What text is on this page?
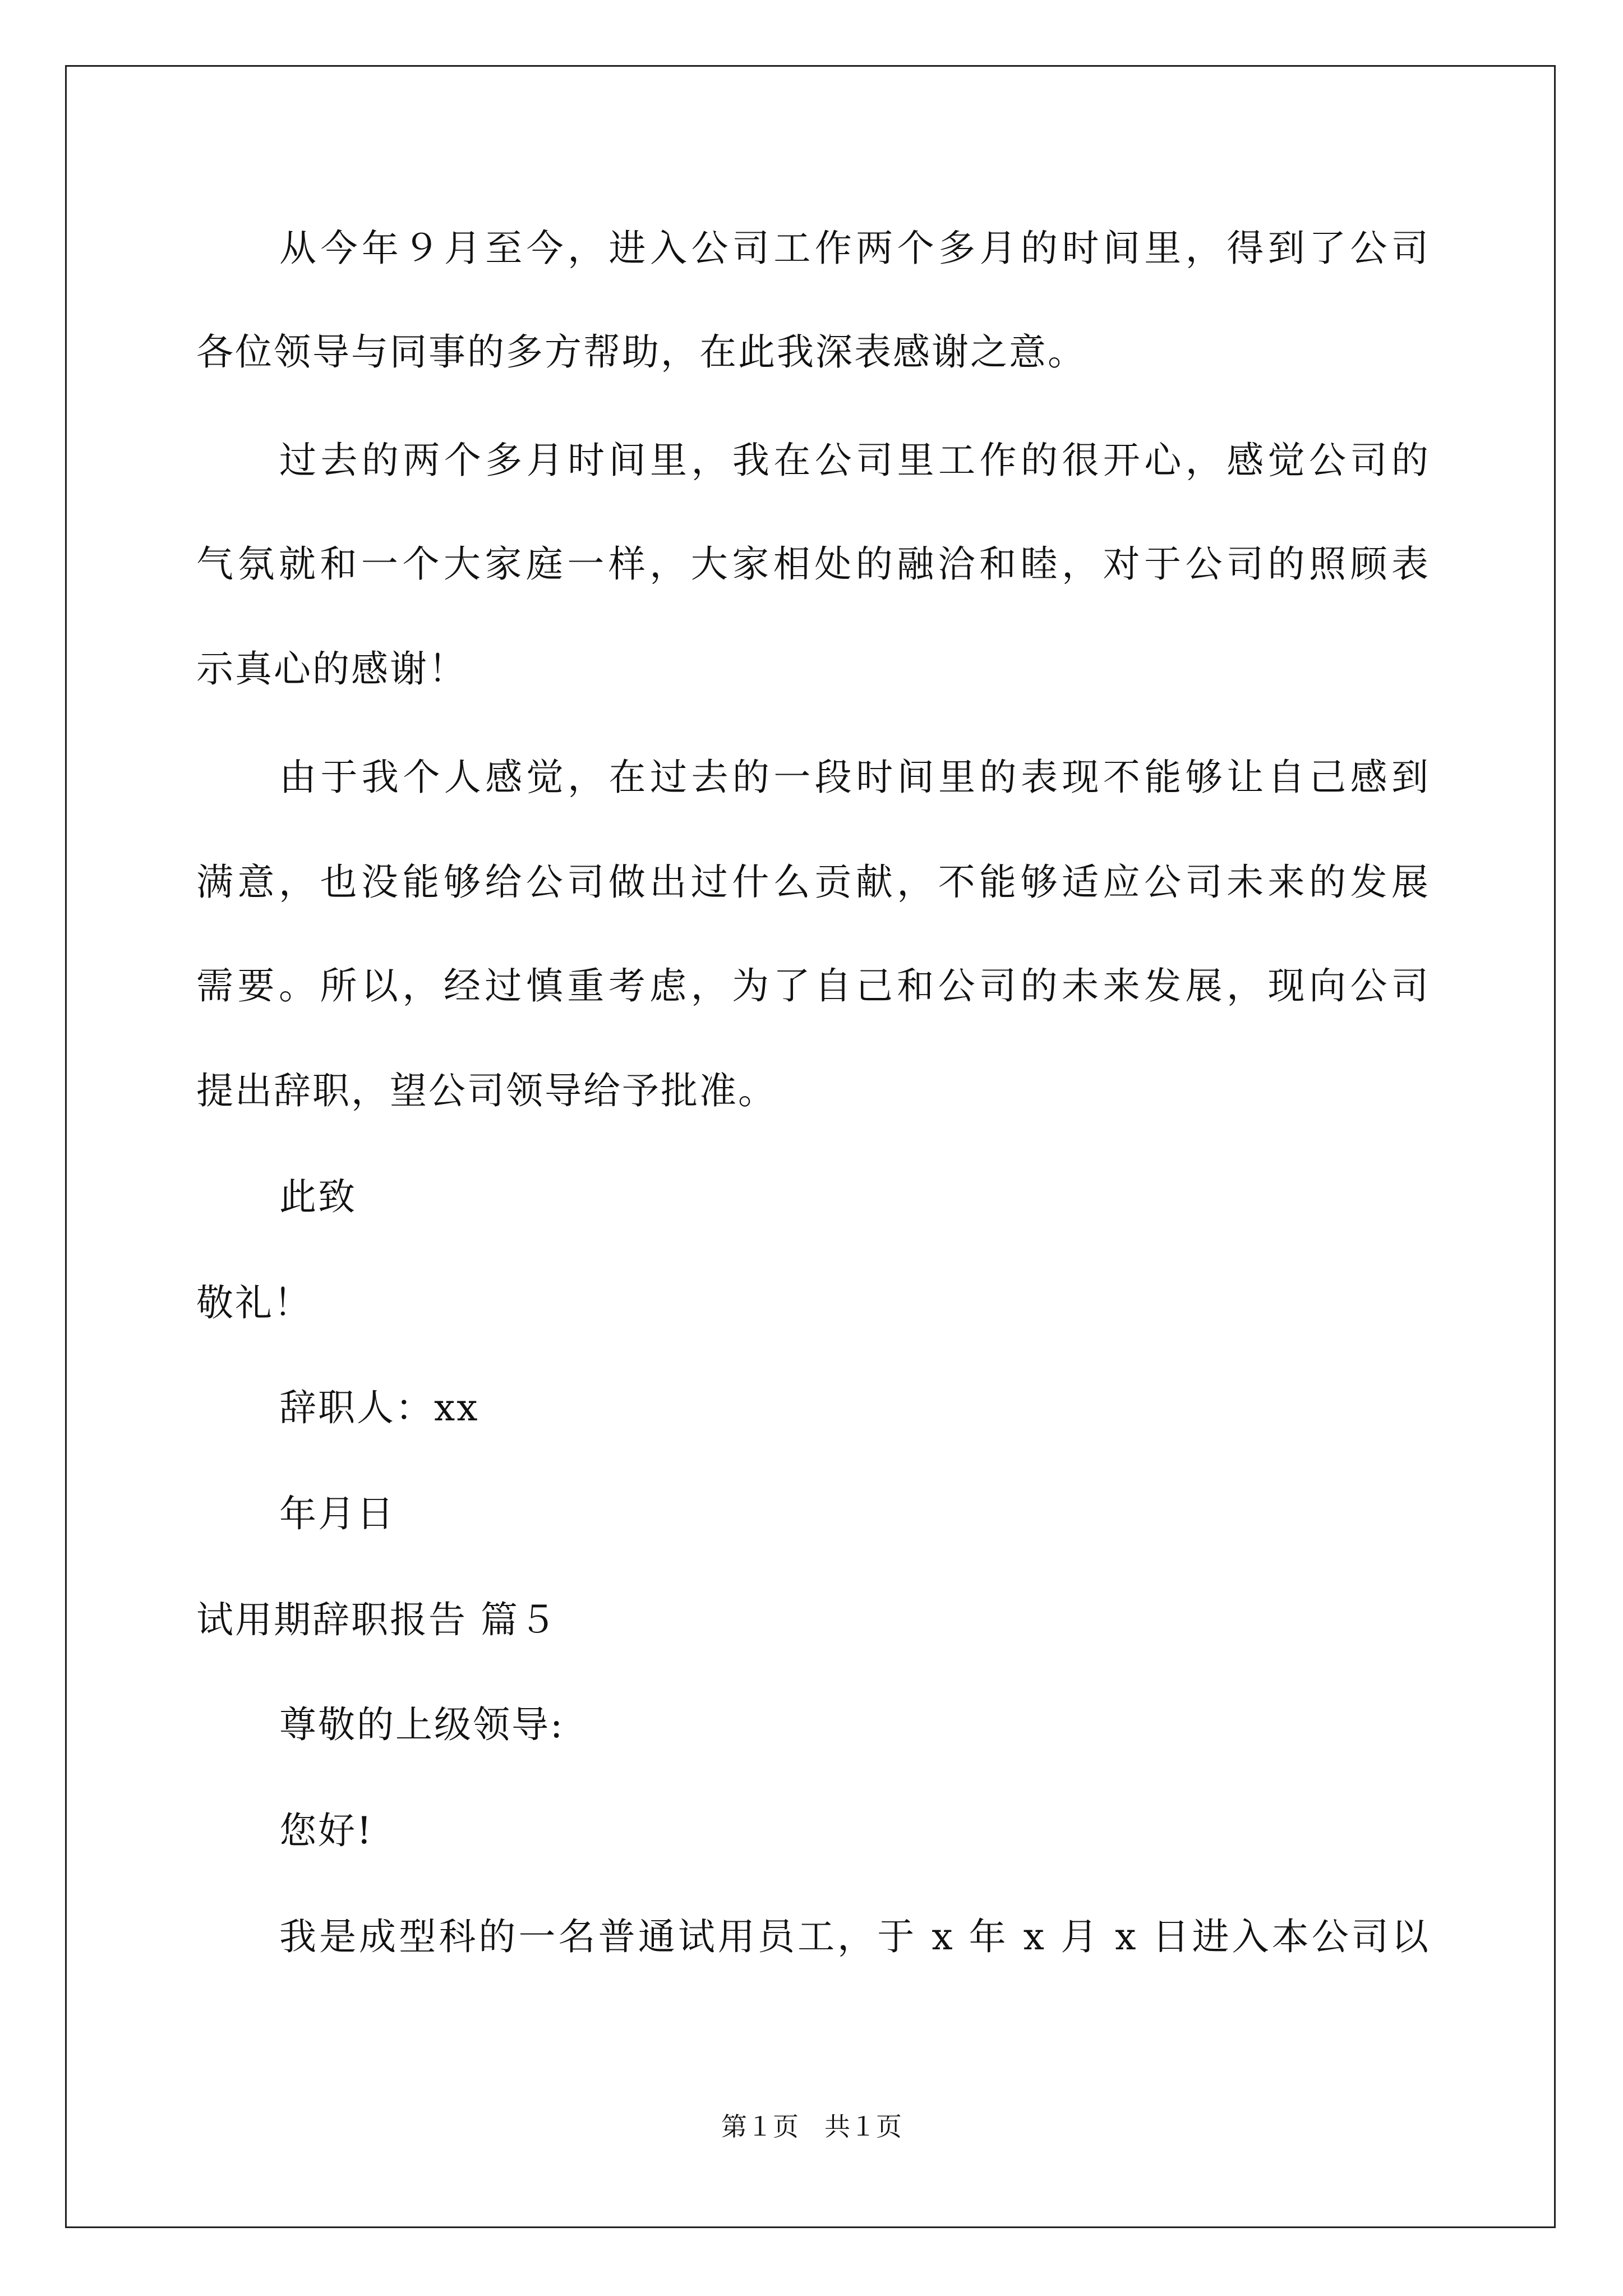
从今年９月至今，进入公司工作两个多月的时间里，得到了公司
各位领导与同事的多方帮助，在此我深表感谢之意。
过去的两个多月时间里，我在公司里工作的很开心，感觉公司的
气氛就和一个大家庭一样，大家相处的融洽和睦，对于公司的照顾表
示真心的感谢！
由于我个人感觉，在过去的一段时间里的表现不能够让自己感到
满意，也没能够给公司做出过什么贡献，不能够适应公司未来的发展
需要。所以，经过慎重考虑，为了自己和公司的未来发展，现向公司
提出辞职，望公司领导给予批准。
此致
敬礼！
辞职人：xx
年月日
试用期辞职报告 篇５
尊敬的上级领导:
您好!
我是成型科的一名普通试用员工，于 x 年 x 月 x 日进入本公司以
第１页　共１页
